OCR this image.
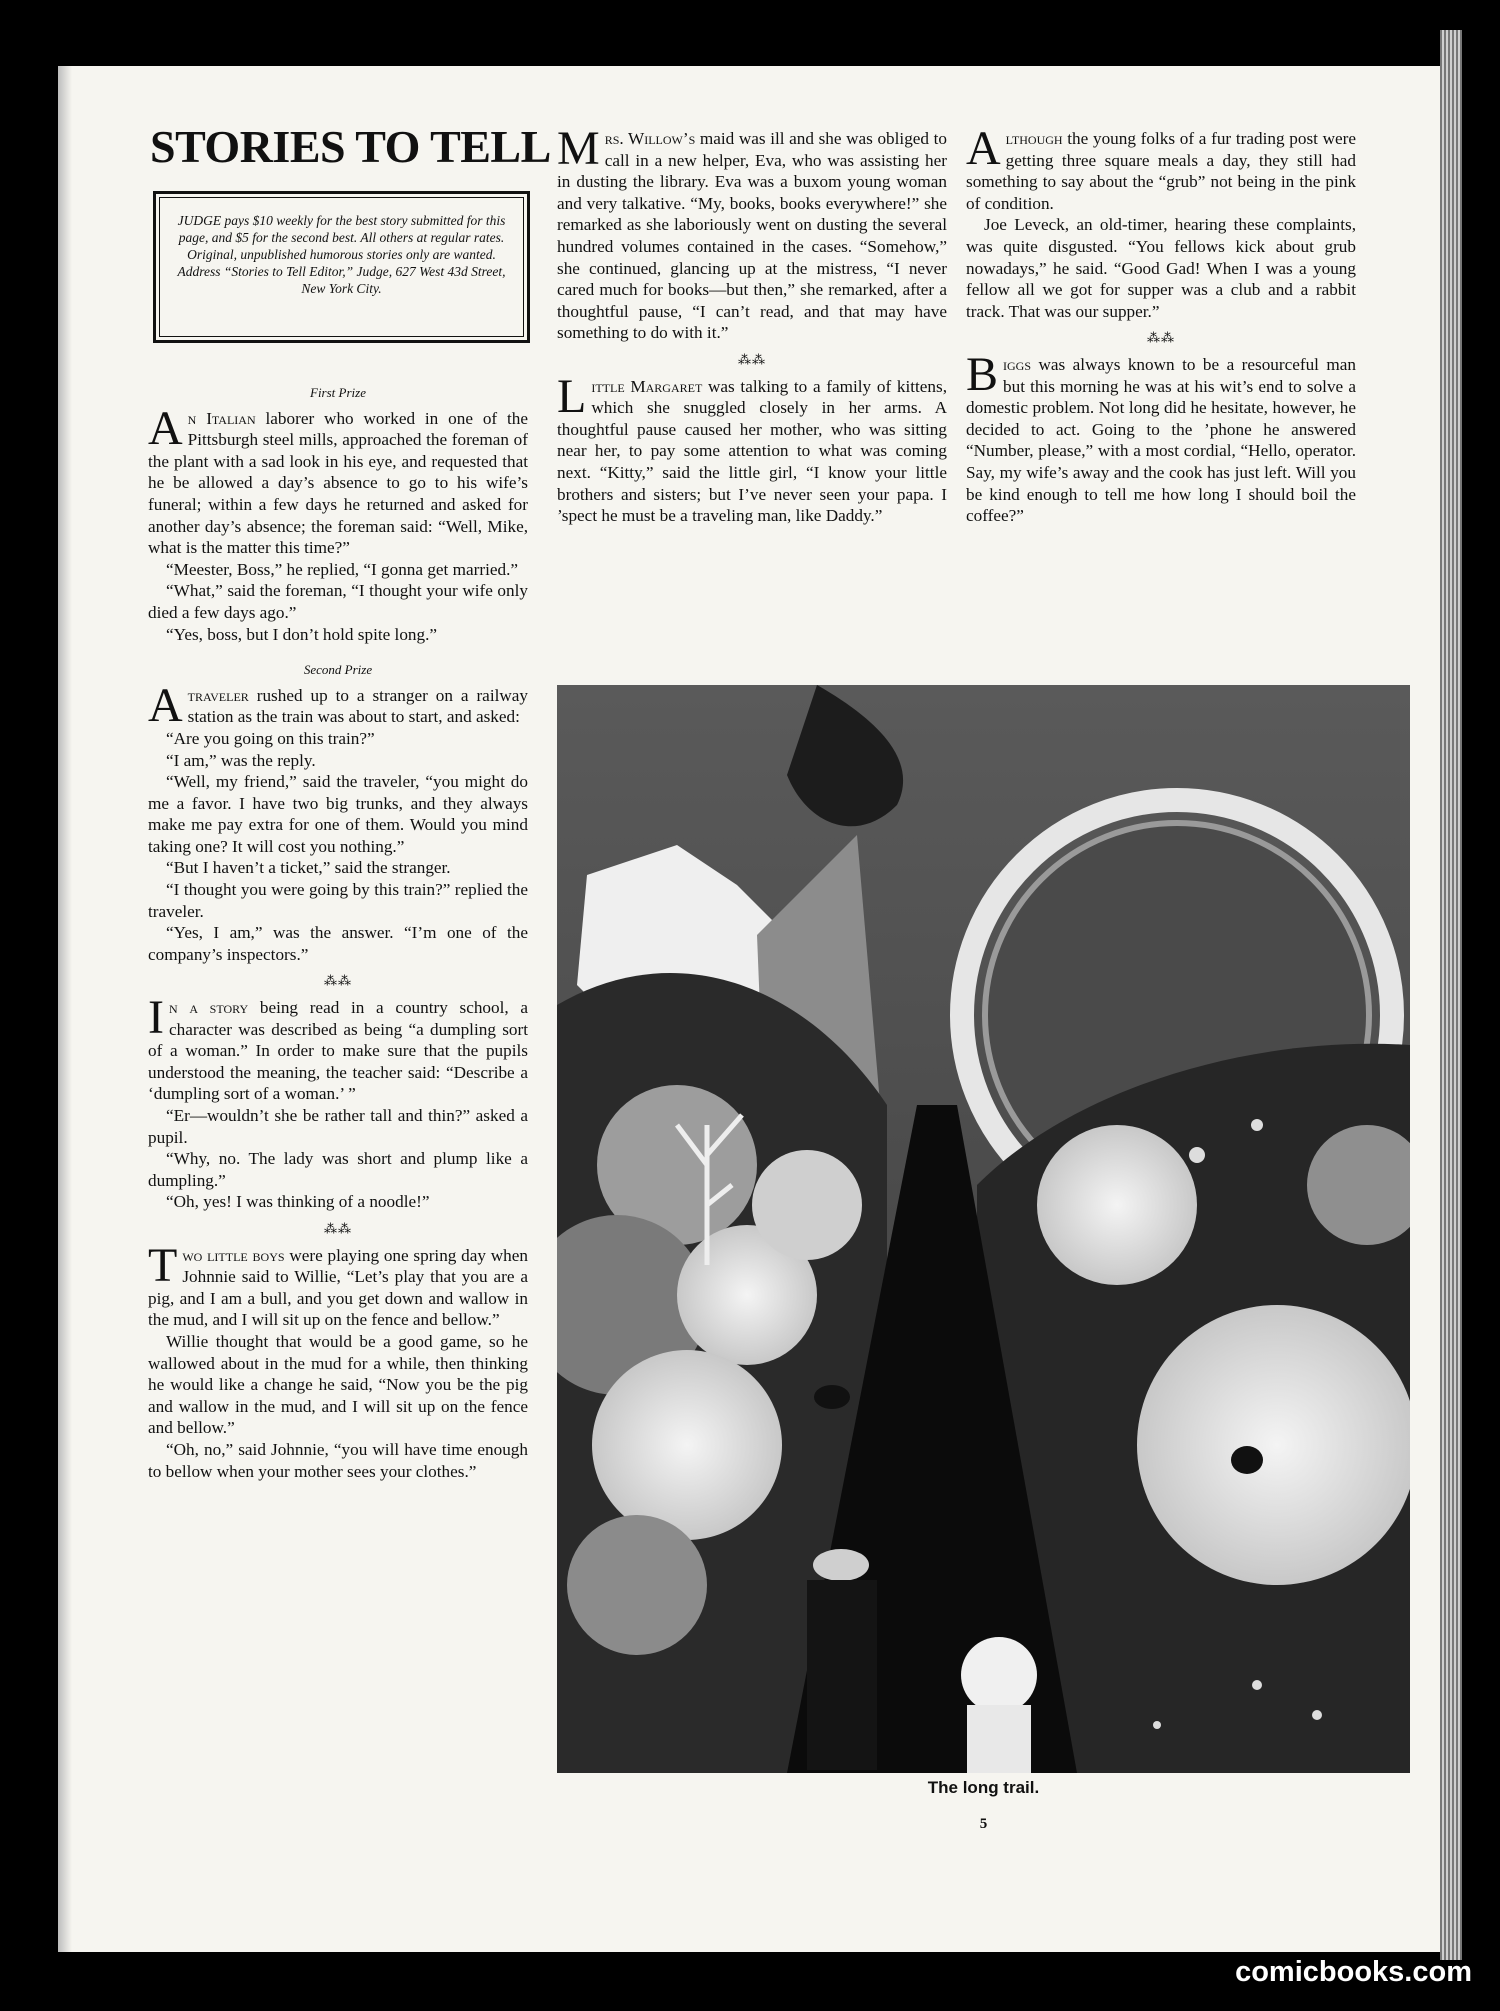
STORIES TO TELL
JUDGE pays $10 weekly for the best story submitted for this page, and $5 for the second best. All others at regular rates. Original, unpublished humorous stories only are wanted. Address “Stories to Tell Editor,” Judge, 627 West 43d Street, New York City.
First Prize

An Italian laborer who worked in one of the Pittsburgh steel mills, approached the foreman of the plant with a sad look in his eye, and requested that he be allowed a day’s absence to go to his wife’s funeral; within a few days he returned and asked for another day’s absence; the foreman said: “Well, Mike, what is the matter this time?”

“Meester, Boss,” he replied, “I gonna get married.”

“What,” said the foreman, “I thought your wife only died a few days ago.”

“Yes, boss, but I don’t hold spite long.”

Second Prize

Atraveler rushed up to a stranger on a railway station as the train was about to start, and asked:

“Are you going on this train?”

“I am,” was the reply.

“Well, my friend,” said the traveler, “you might do me a favor. I have two big trunks, and they always make me pay extra for one of them. Would you mind taking one? It will cost you nothing.”

“But I haven’t a ticket,” said the stranger.

“I thought you were going by this train?” replied the traveler.

“Yes, I am,” was the answer. “I’m one of the company’s inspectors.”

⁂⁂

In a story being read in a country school, a character was described as being “a dumpling sort of a woman.” In order to make sure that the pupils understood the meaning, the teacher said: “Describe a ‘dumpling sort of a woman.’ ”

“Er—wouldn’t she be rather tall and thin?” asked a pupil.

“Why, no. The lady was short and plump like a dumpling.”

“Oh, yes! I was thinking of a noodle!”

⁂⁂

Two little boys were playing one spring day when Johnnie said to Willie, “Let’s play that you are a pig, and I am a bull, and you get down and wallow in the mud, and I will sit up on the fence and bellow.”

Willie thought that would be a good game, so he wallowed about in the mud for a while, then thinking he would like a change he said, “Now you be the pig and wallow in the mud, and I will sit up on the fence and bellow.”

“Oh, no,” said Johnnie, “you will have time enough to bellow when your mother sees your clothes.”

Mrs. Willow’s maid was ill and she was obliged to call in a new helper, Eva, who was assisting her in dusting the library. Eva was a buxom young woman and very talkative. “My, books, books everywhere!” she remarked as she laboriously went on dusting the several hundred volumes contained in the cases. “Somehow,” she continued, glancing up at the mistress, “I never cared much for books—but then,” she remarked, after a thoughtful pause, “I can’t read, and that may have something to do with it.”

⁂⁂

Little Margaret was talking to a family of kittens, which she snuggled closely in her arms. A thoughtful pause caused her mother, who was sitting near her, to pay some attention to what was coming next. “Kitty,” said the little girl, “I know your little brothers and sisters; but I’ve never seen your papa. I ’spect he must be a traveling man, like Daddy.”

Although the young folks of a fur trading post were getting three square meals a day, they still had something to say about the “grub” not being in the pink of condition.

Joe Leveck, an old-timer, hearing these complaints, was quite disgusted. “You fellows kick about grub nowadays,” he said. “Good Gad! When I was a young fellow all we got for supper was a club and a rabbit track. That was our supper.”

⁂⁂

Biggs was always known to be a resourceful man but this morning he was at his wit’s end to solve a domestic problem. Not long did he hesitate, however, he decided to act. Going to the ’phone he answered “Number, please,” with a most cordial, “Hello, operator. Say, my wife’s away and the cook has just left. Will you be kind enough to tell me how long I should boil the coffee?”

The long trail.
5
comicbooks.com
